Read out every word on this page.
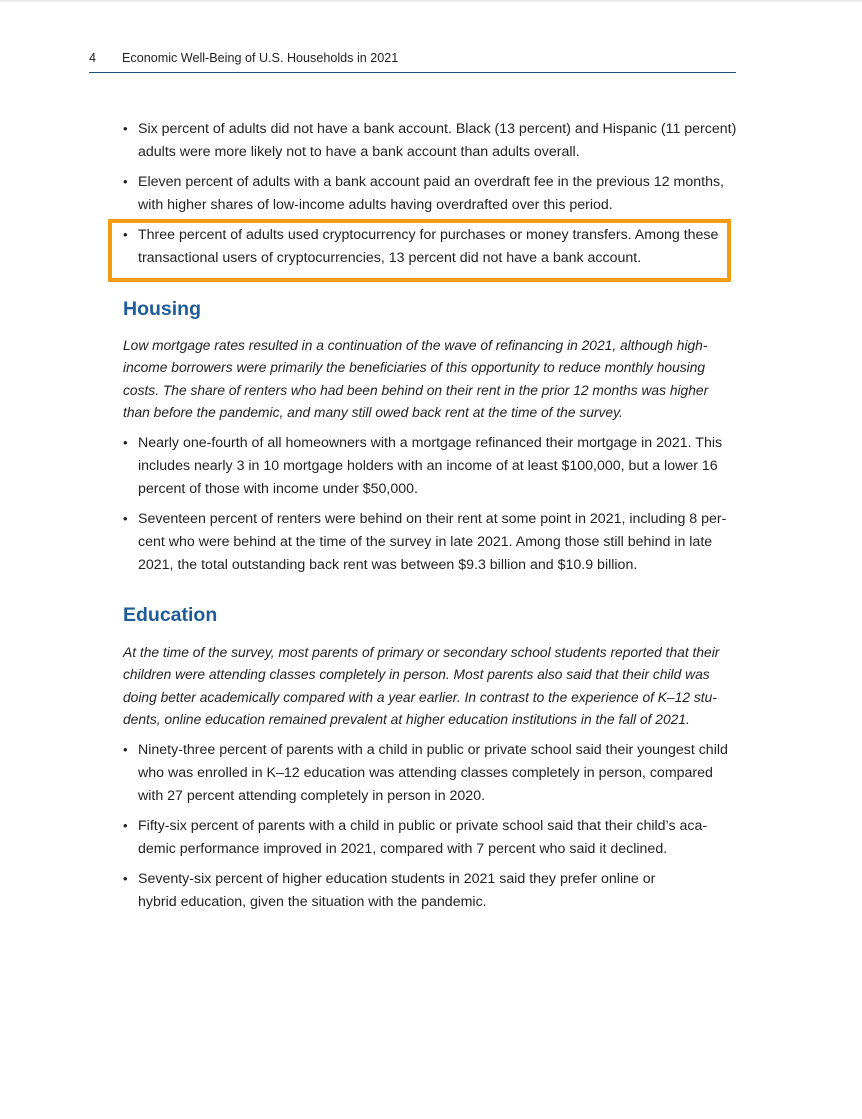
4 Economic Well-Being of U.S. Households in 2021
• Six percent of adults did not have a bank account. Black (13 percent) and Hispanic (11 percent) adults were more likely not to have a bank account than adults overall.
• Eleven percent of adults with a bank account paid an overdraft fee in the previous 12 months, with higher shares of low-income adults having overdrafted over this period.
• Three percent of adults used cryptocurrency for purchases or money transfers. Among these transactional users of cryptocurrencies, 13 percent did not have a bank account.
Housing

Low mortgage rates resulted in a continuation of the wave of refinancing in 2021, although high-income borrowers were primarily the beneficiaries of this opportunity to reduce monthly housing costs. The share of renters who had been behind on their rent in the prior 12 months was higher than before the pandemic, and many still owed back rent at the time of the survey.

• Nearly one-fourth of all homeowners with a mortgage refinanced their mortgage in 2021. This includes nearly 3 in 10 mortgage holders with an income of at least $100,000, but a lower 16 percent of those with income under $50,000.
• Seventeen percent of renters were behind on their rent at some point in 2021, including 8 per-cent who were behind at the time of the survey in late 2021. Among those still behind in late 2021, the total outstanding back rent was between $9.3 billion and $10.9 billion.
Education

At the time of the survey, most parents of primary or secondary school students reported that their children were attending classes completely in person. Most parents also said that their child was doing better academically compared with a year earlier. In contrast to the experience of K–12 stu-dents, online education remained prevalent at higher education institutions in the fall of 2021.

• Ninety-three percent of parents with a child in public or private school said their youngest child who was enrolled in K–12 education was attending classes completely in person, compared with 27 percent attending completely in person in 2020.
• Fifty-six percent of parents with a child in public or private school said that their child’s aca-demic performance improved in 2021, compared with 7 percent who said it declined.
• Seventy-six percent of higher education students in 2021 said they prefer online or hybrid education, given the situation with the pandemic.
